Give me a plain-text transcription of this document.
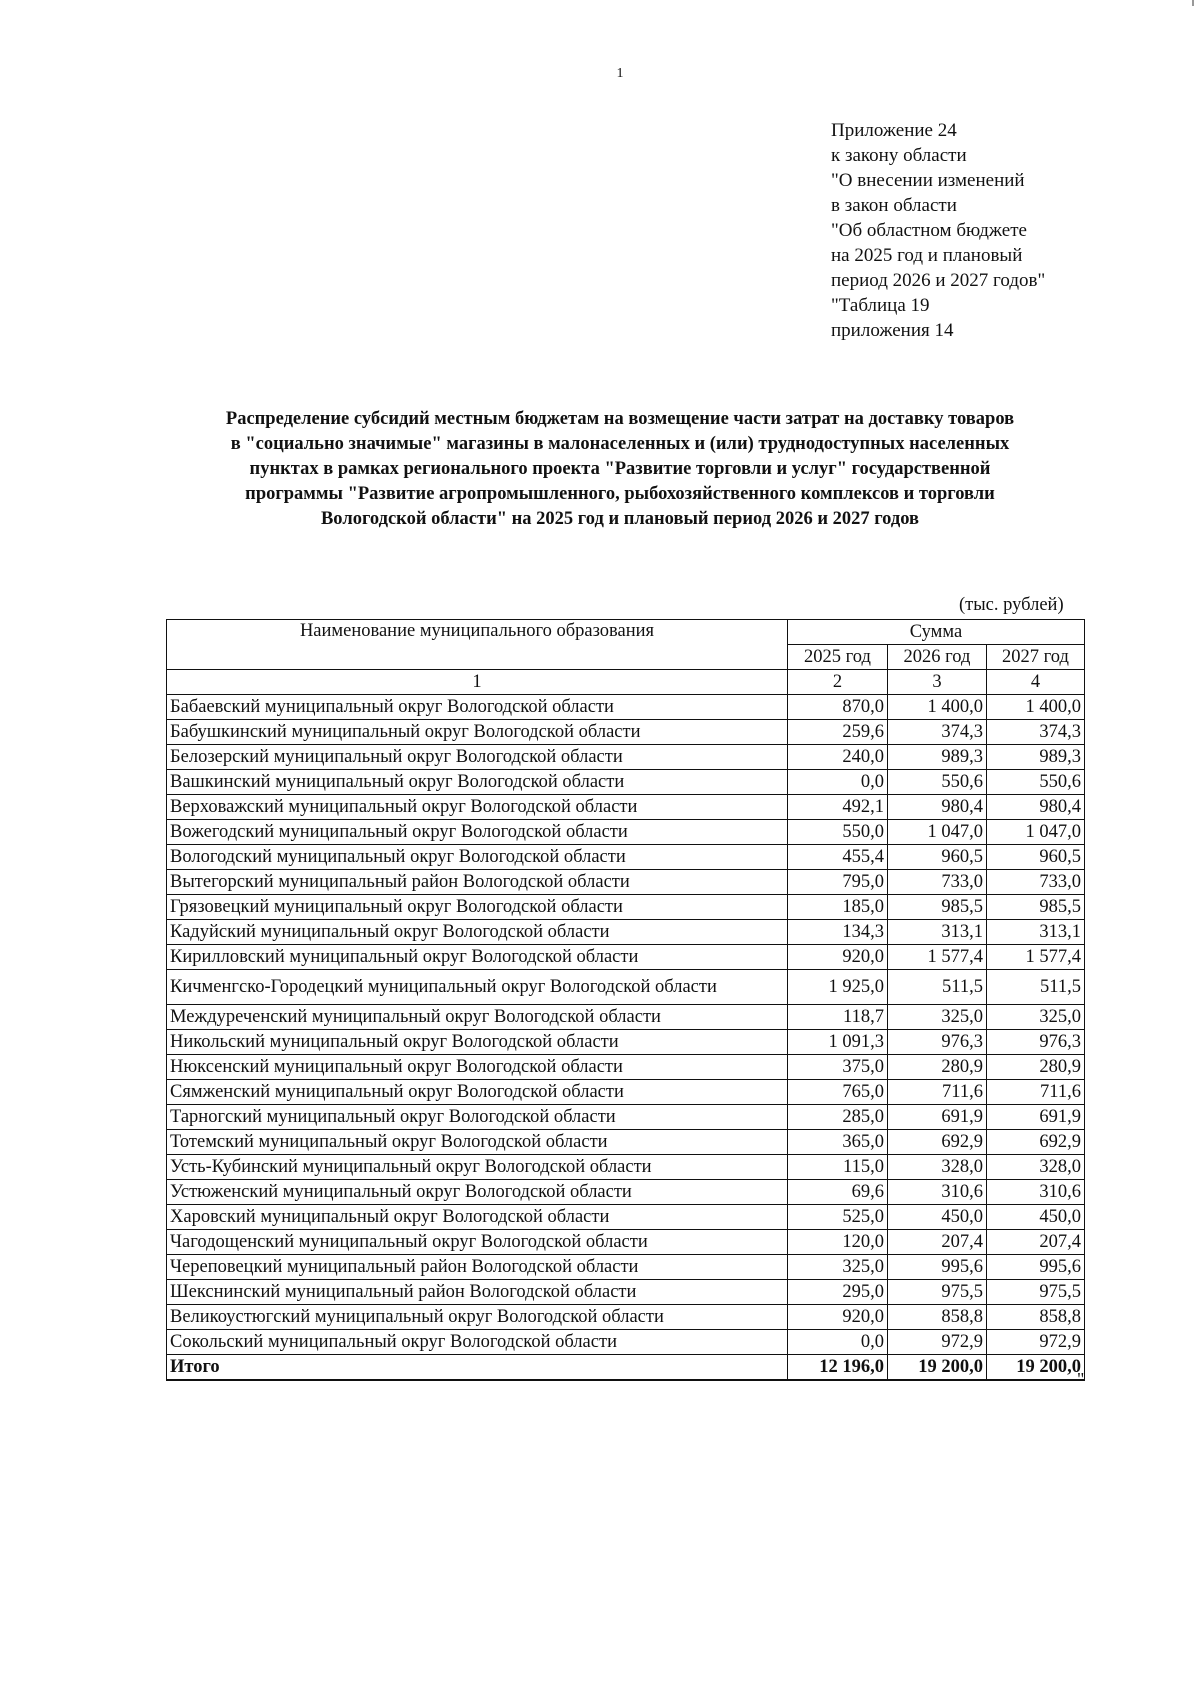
1
Приложение 24
к закону области
"О внесении изменений
в закон области
"Об областном бюджете
на 2025 год и плановый
период 2026 и 2027 годов"
"Таблица 19
приложения 14
Распределение субсидий местным бюджетам на возмещение части затрат на доставку товаров
в "социально значимые" магазины в малонаселенных и (или) труднодоступных населенных
пунктах в рамках регионального проекта "Развитие торговли и услуг" государственной
программы "Развитие агропромышленного, рыбохозяйственного комплексов и торговли
Вологодской области" на 2025 год и плановый период 2026 и 2027 годов
(тыс. рублей)
Наименование муниципального образования	Сумма		
	2025 год	2026 год	2027 год
1	2	3	4
Бабаевский муниципальный округ Вологодской области	870,0	1 400,0	1 400,0
Бабушкинский муниципальный округ Вологодской области	259,6	374,3	374,3
Белозерский муниципальный округ Вологодской области	240,0	989,3	989,3
Вашкинский муниципальный округ Вологодской области	0,0	550,6	550,6
Верховажский муниципальный округ Вологодской области	492,1	980,4	980,4
Вожегодский муниципальный округ Вологодской области	550,0	1 047,0	1 047,0
Вологодский муниципальный округ Вологодской области	455,4	960,5	960,5
Вытегорский муниципальный район Вологодской области	795,0	733,0	733,0
Грязовецкий муниципальный округ Вологодской области	185,0	985,5	985,5
Кадуйский муниципальный округ Вологодской области	134,3	313,1	313,1
Кирилловский муниципальный округ Вологодской области	920,0	1 577,4	1 577,4
Кичменгско-Городецкий муниципальный округ Вологодской области	1 925,0	511,5	511,5
Междуреченский муниципальный округ Вологодской области	118,7	325,0	325,0
Никольский муниципальный округ Вологодской области	1 091,3	976,3	976,3
Нюксенский муниципальный округ Вологодской области	375,0	280,9	280,9
Сямженский муниципальный округ Вологодской области	765,0	711,6	711,6
Тарногский муниципальный округ Вологодской области	285,0	691,9	691,9
Тотемский муниципальный округ Вологодской области	365,0	692,9	692,9
Усть-Кубинский муниципальный округ Вологодской области	115,0	328,0	328,0
Устюженский муниципальный округ Вологодской области	69,6	310,6	310,6
Харовский муниципальный округ Вологодской области	525,0	450,0	450,0
Чагодощенский муниципальный округ Вологодской области	120,0	207,4	207,4
Череповецкий муниципальный район Вологодской области	325,0	995,6	995,6
Шекснинский муниципальный район Вологодской области	295,0	975,5	975,5
Великоустюгский муниципальный округ Вологодской области	920,0	858,8	858,8
Сокольский муниципальный округ Вологодской области	0,0	972,9	972,9
Итого	12 196,0	19 200,0	19 200,0
"
